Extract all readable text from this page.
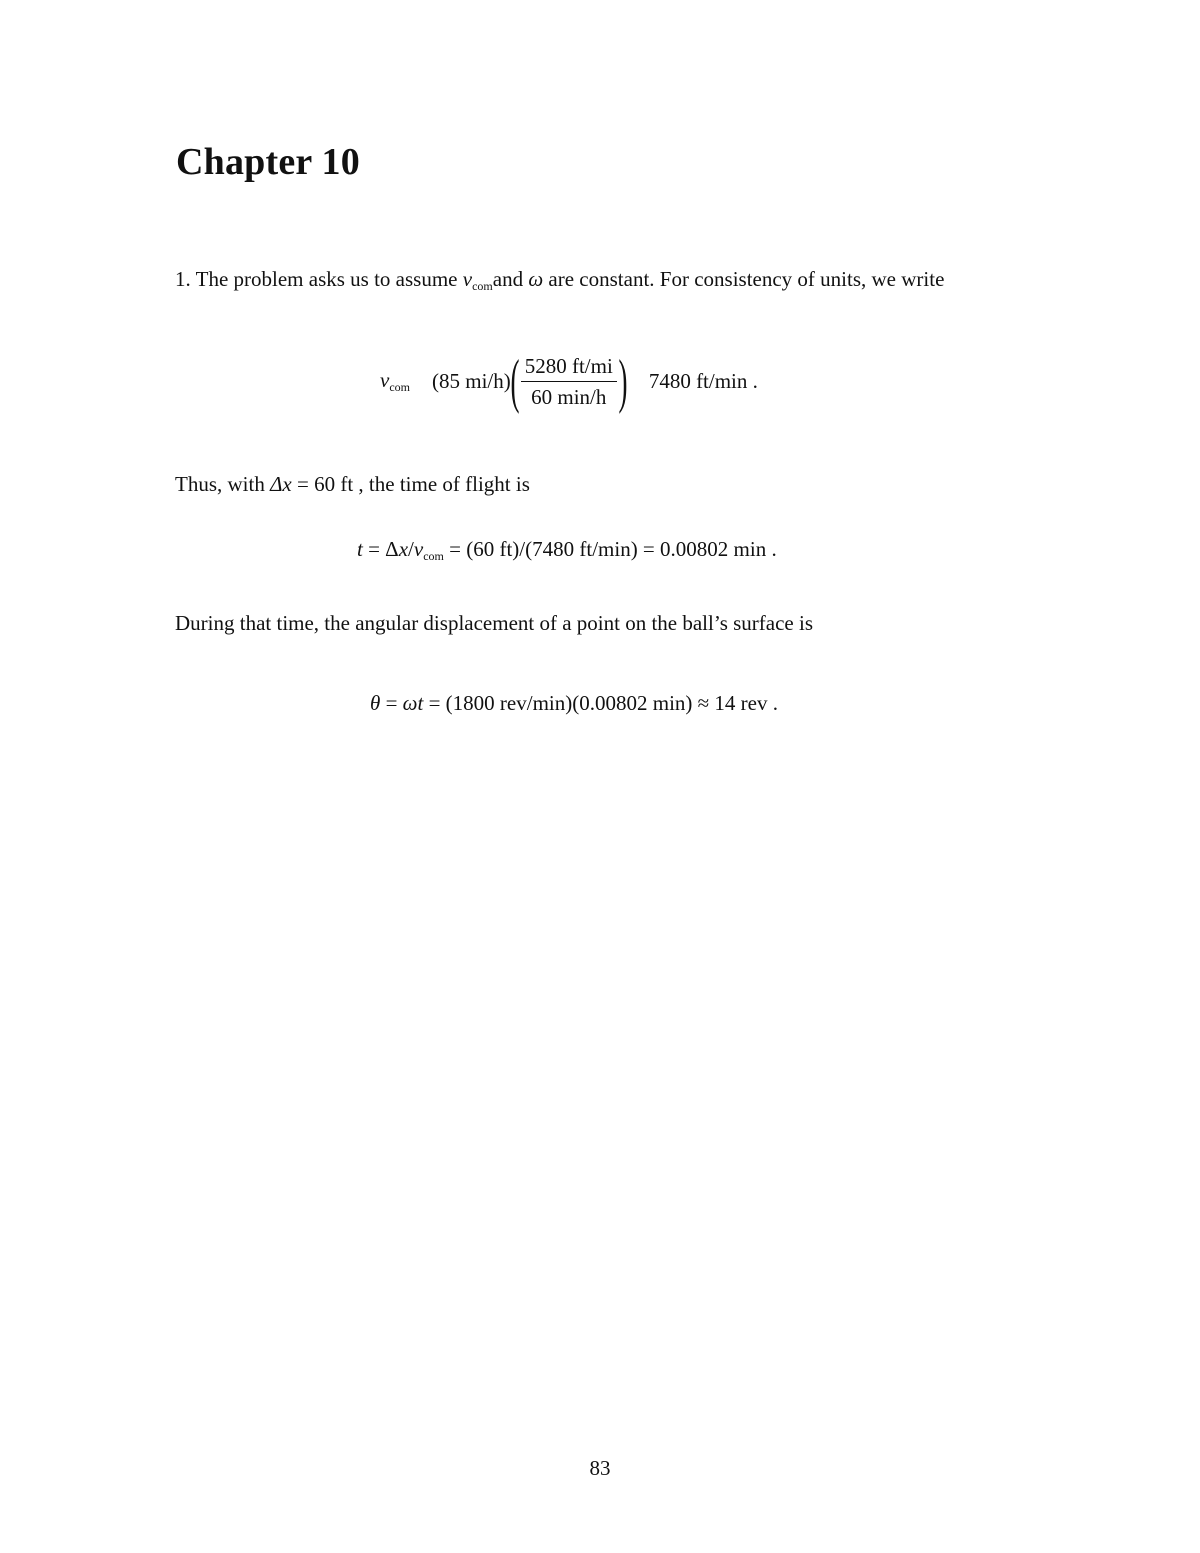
Chapter 10

1. The problem asks us to assume $v_{com}and$ ω are constant. For consistency of units, we write

$v_{com}$ (85 mi/h) ( $\frac{5280 ft/mi}{60 \min/h}$ ) 7480 ft/min .

Thus, with Δx = 60 ft , the time of flight is

$t = \Delta x/v_{com} = (60$ ft)/(7480 ft/min) = 0.00802 min .

During that time, the angular displacement of a point on the ball’s surface is

θ = ωt = (1800 rev/min)(0.00802 min) ≈ 14 rev .
83
